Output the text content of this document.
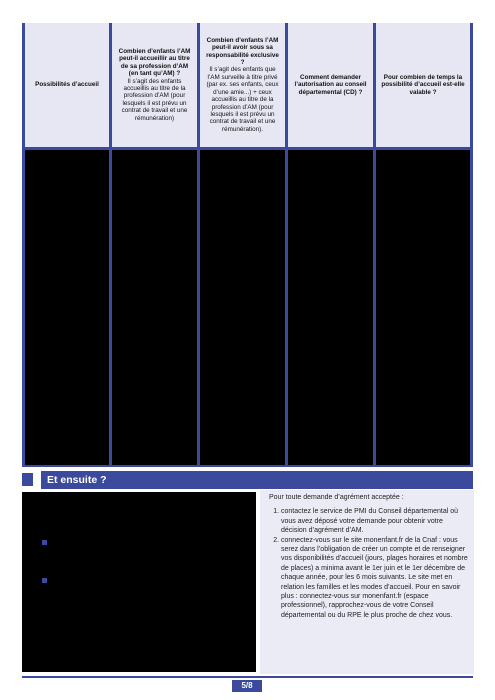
Possibilités d’accueil
Combien d’enfants l’AM peut-il accueillir au titre de sa profession d’AM (en tant qu’AM) ?
Il s’agit des enfants accueillis au titre de la profession d’AM (pour lesquels il est prévu un contrat de travail et une rémunération)
Combien d’enfants l’AM peut-il avoir sous sa responsabilité exclusive ?
Il s’agit des enfants que l’AM surveille à titre privé (par ex. ses enfants, ceux d’une amie...) + ceux accueillis au titre de la profession d’AM (pour lesquels il est prévu un contrat de travail et une rémunération).
Comment demander l’autorisation au conseil départemental (CD) ?
Pour combien de temps la possibilité d’accueil est-elle valable ?
Et ensuite ?

Pour toute demande d’agrément acceptée :

1. contactez le service de PMI du Conseil départemental où vous avez déposé votre demande pour obtenir votre décision d’agrément d’AM.

2. connectez-vous sur le site monenfant.fr de la Cnaf : vous serez dans l’obligation de créer un compte et de renseigner vos disponibilités d’accueil (jours, plages horaires et nombre de places) a minima avant le 1er juin et le 1er décembre de chaque année, pour les 6 mois suivants. Le site met en relation les familles et les modes d’accueil. Pour en savoir plus : connectez-vous sur monenfant.fr (espace professionnel), rapprochez-vous de votre Conseil départemental ou du RPE le plus proche de chez vous.

5/8
